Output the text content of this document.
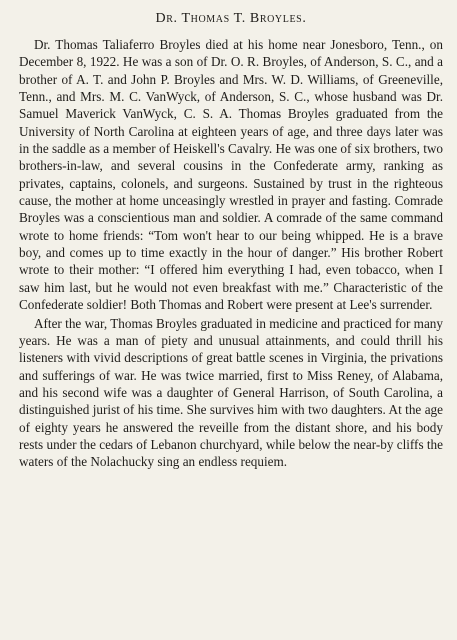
Dr. Thomas T. Broyles.

Dr. Thomas Taliaferro Broyles died at his home near Jonesboro, Tenn., on December 8, 1922. He was a son of Dr. O. R. Broyles, of Anderson, S. C., and a brother of A. T. and John P. Broyles and Mrs. W. D. Williams, of Greeneville, Tenn., and Mrs. M. C. VanWyck, of Anderson, S. C., whose husband was Dr. Samuel Maverick VanWyck, C. S. A. Thomas Broyles graduated from the University of North Carolina at eighteen years of age, and three days later was in the saddle as a member of Heiskell's Cavalry. He was one of six brothers, two brothers-in-law, and several cousins in the Confederate army, ranking as privates, captains, colonels, and surgeons. Sustained by trust in the righteous cause, the mother at home unceasingly wrestled in prayer and fasting. Comrade Broyles was a conscientious man and soldier. A comrade of the same command wrote to home friends: “Tom won't hear to our being whipped. He is a brave boy, and comes up to time exactly in the hour of danger.” His brother Robert wrote to their mother: “I offered him everything I had, even tobacco, when I saw him last, but he would not even breakfast with me.” Characteristic of the Confederate soldier! Both Thomas and Robert were present at Lee's surrender.

After the war, Thomas Broyles graduated in medicine and practiced for many years. He was a man of piety and unusual attainments, and could thrill his listeners with vivid descriptions of great battle scenes in Virginia, the privations and sufferings of war. He was twice married, first to Miss Reney, of Alabama, and his second wife was a daughter of General Harrison, of South Carolina, a distinguished jurist of his time. She survives him with two daughters. At the age of eighty years he answered the reveille from the distant shore, and his body rests under the cedars of Lebanon churchyard, while below the near-by cliffs the waters of the Nolachucky sing an endless requiem.
